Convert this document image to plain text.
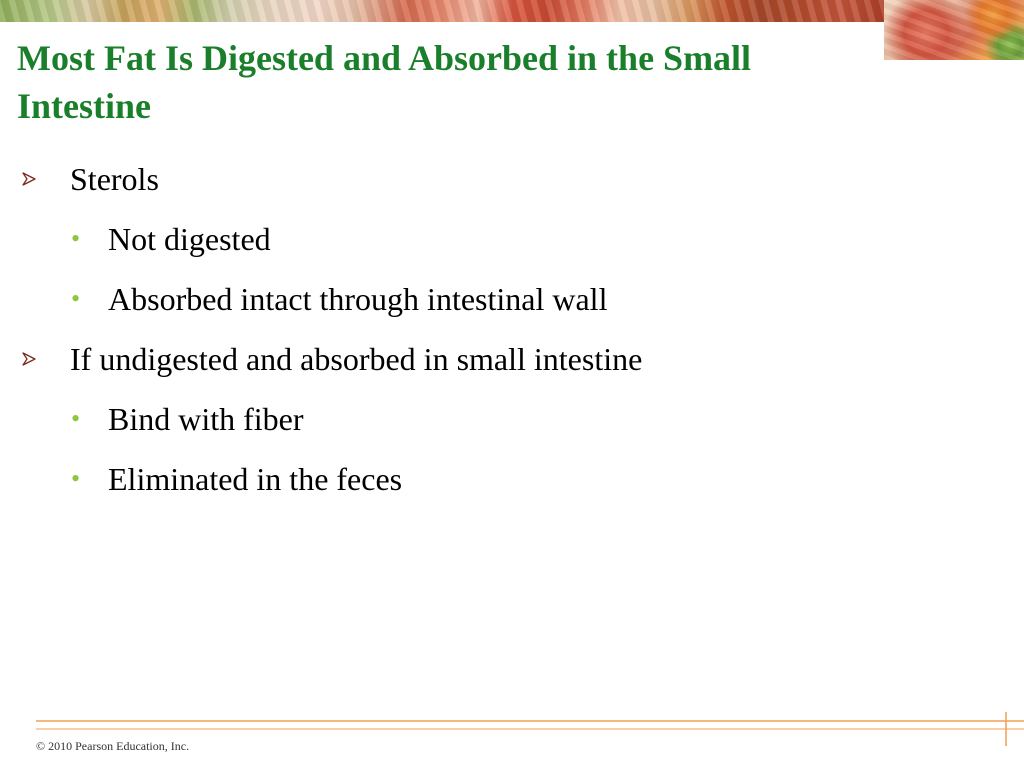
Most Fat Is Digested and Absorbed in the Small Intestine
Sterols
• Not digested
• Absorbed intact through intestinal wall
If undigested and absorbed in small intestine
• Bind with fiber
• Eliminated in the feces
© 2010 Pearson Education, Inc.
